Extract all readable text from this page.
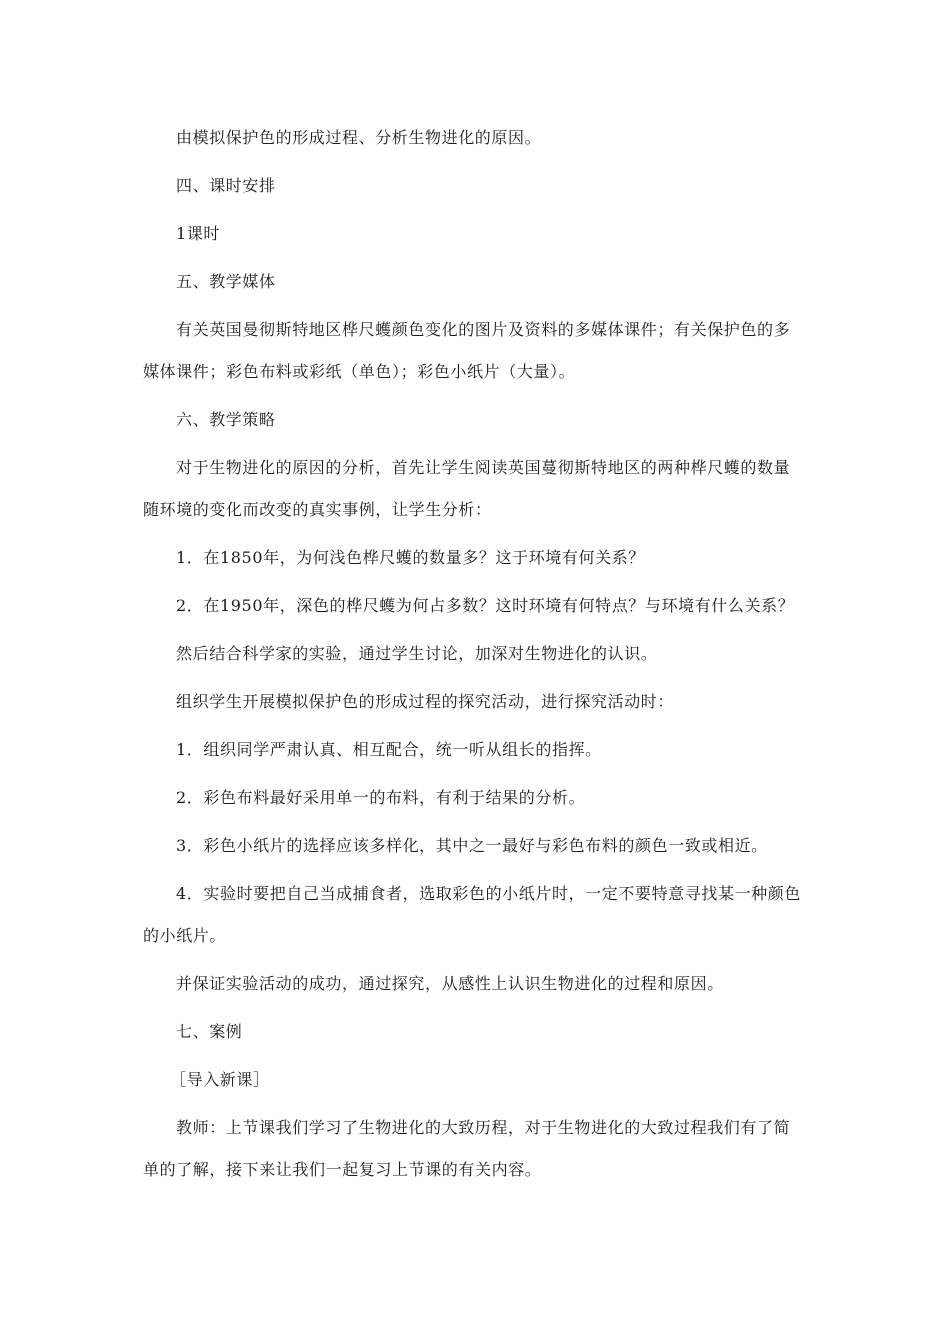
由模拟保护色的形成过程、分析生物进化的原因。
四、课时安排
1课时
五、教学媒体
有关英国曼彻斯特地区桦尺蠖颜色变化的图片及资料的多媒体课件；有关保护色的多
媒体课件；彩色布料或彩纸（单色）；彩色小纸片（大量）。
六、教学策略
对于生物进化的原因的分析，首先让学生阅读英国蔓彻斯特地区的两种桦尺蠖的数量
随环境的变化而改变的真实事例，让学生分析：
1．在1850年，为何浅色桦尺蠖的数量多？这于环境有何关系？
2．在1950年，深色的桦尺蠖为何占多数？这时环境有何特点？与环境有什么关系？
然后结合科学家的实验，通过学生讨论，加深对生物进化的认识。
组织学生开展模拟保护色的形成过程的探究活动，进行探究活动时：
1．组织同学严肃认真、相互配合，统一听从组长的指挥。
2．彩色布料最好采用单一的布料，有利于结果的分析。
3．彩色小纸片的选择应该多样化，其中之一最好与彩色布料的颜色一致或相近。
4．实验时要把自己当成捕食者，选取彩色的小纸片时，一定不要特意寻找某一种颜色
的小纸片。
并保证实验活动的成功，通过探究，从感性上认识生物进化的过程和原因。
七、案例
［导入新课］
教师：上节课我们学习了生物进化的大致历程，对于生物进化的大致过程我们有了简
单的了解，接下来让我们一起复习上节课的有关内容。
